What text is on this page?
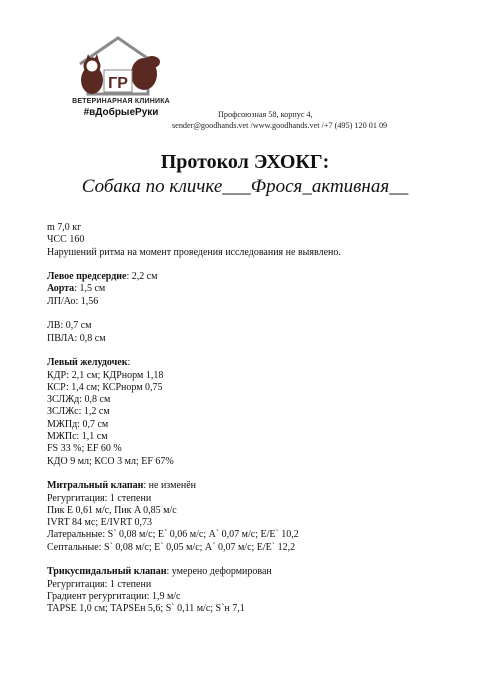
ГР
ВЕТЕРИНАРНАЯ КЛИНИКА
#вДобрыеРуки	Профсоюзная 58, корпус 4,
sender@goodhands.vet /www.goodhands.vet /+7 (495) 120 01 09
Протокол ЭХОКГ:
Собака по кличке___Фрося_активная__
m 7,0 кг
ЧСС 160
Нарушений ритма на момент проведения исследования не выявлено.
Левое предсердие: 2,2 см
Аорта: 1,5 см
ЛП/Ао: 1,56
ЛВ: 0,7 см
ПВЛА: 0,8 см
Левый желудочек:
КДР: 2,1 см; КДРнорм 1,18
КСР: 1,4 см; КСРнорм 0,75
ЗСЛЖд: 0,8 см
ЗСЛЖс: 1,2 см
МЖПд: 0,7 см
МЖПс: 1,1 см
FS 33 %; EF 60 %
КДО 9 мл; КСО 3 мл; EF 67%
Митральный клапан: не изменён
Регургитация: 1 степени
Пик E 0,61 м/с, Пик A 0,85 м/с
IVRT 84 мс; E/IVRT 0,73
Латеральные: S` 0,08 м/с; E` 0,06 м/с; A` 0,07 м/с; E/E` 10,2
Септальные: S` 0,08 м/с; E` 0,05 м/с; A` 0,07 м/с; E/E` 12,2
Трикуспидальный клапан: умерено деформирован
Регургитация: 1 степени
Градиент регургитации: 1,9 м/с
TAPSE 1,0 см; TAPSEн 5,6; S` 0,11 м/с; S`н 7,1
